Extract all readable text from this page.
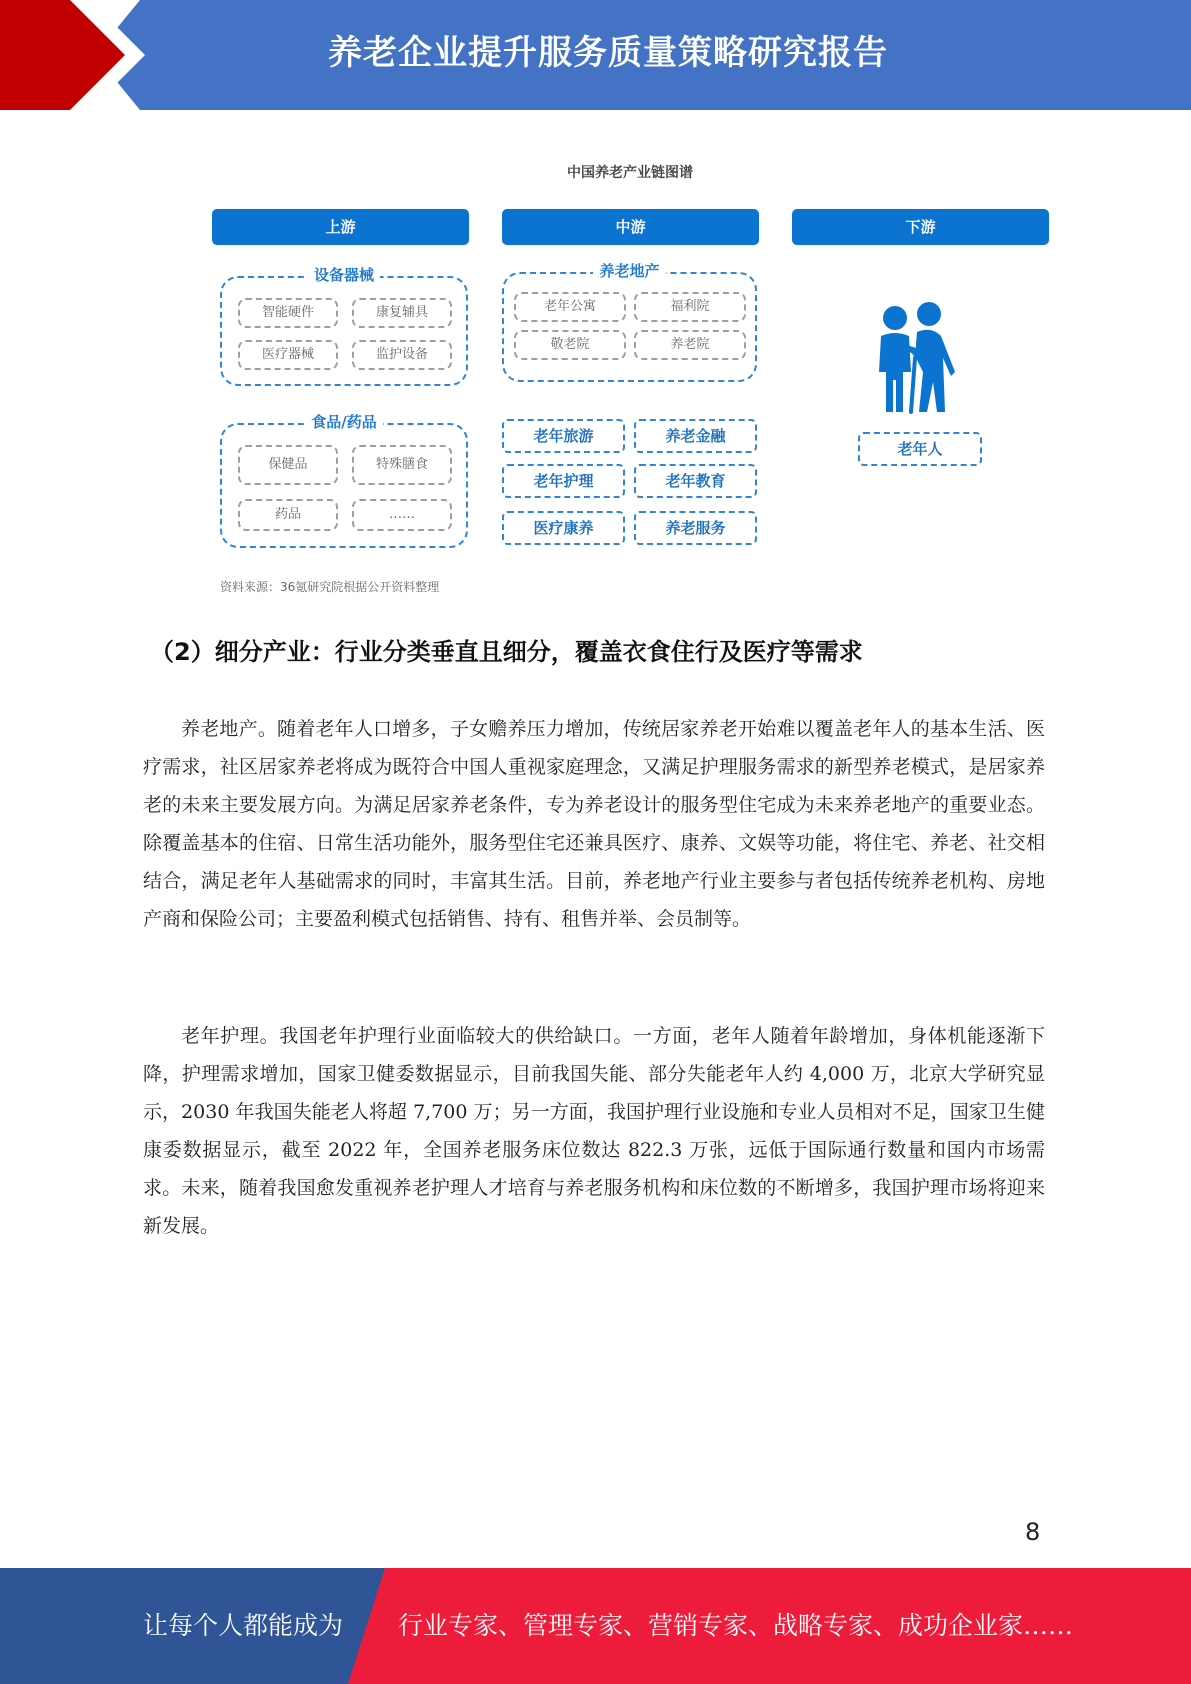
养老企业提升服务质量策略研究报告
中国养老产业链图谱
上游	中游	下游
设备器械
智能硬件	康复辅具
医疗器械	监护设备
食品/药品
保健品	特殊膳食
药品	……
养老地产
老年公寓	福利院
敬老院	养老院
老年旅游	养老金融
老年护理	老年教育
医疗康养	养老服务
老年人
资料来源：36氪研究院根据公开资料整理
（2）细分产业：行业分类垂直且细分，覆盖衣食住行及医疗等需求

养老地产。随着老年人口增多，子女赡养压力增加，传统居家养老开始难以覆盖老年人的基本生活、医疗需求，社区居家养老将成为既符合中国人重视家庭理念，又满足护理服务需求的新型养老模式，是居家养老的未来主要发展方向。为满足居家养老条件，专为养老设计的服务型住宅成为未来养老地产的重要业态。除覆盖基本的住宿、日常生活功能外，服务型住宅还兼具医疗、康养、文娱等功能，将住宅、养老、社交相结合，满足老年人基础需求的同时，丰富其生活。目前，养老地产行业主要参与者包括传统养老机构、房地产商和保险公司；主要盈利模式包括销售、持有、租售并举、会员制等。

老年护理。我国老年护理行业面临较大的供给缺口。一方面，老年人随着年龄增加，身体机能逐渐下降，护理需求增加，国家卫健委数据显示，目前我国失能、部分失能老年人约 4,000 万，北京大学研究显示，2030 年我国失能老人将超 7,700 万；另一方面，我国护理行业设施和专业人员相对不足，国家卫生健康委数据显示，截至 2022 年，全国养老服务床位数达 822.3 万张，远低于国际通行数量和国内市场需求。未来，随着我国愈发重视养老护理人才培育与养老服务机构和床位数的不断增多，我国护理市场将迎来新发展。

8
让每个人都能成为 行业专家、管理专家、营销专家、战略专家、成功企业家……
